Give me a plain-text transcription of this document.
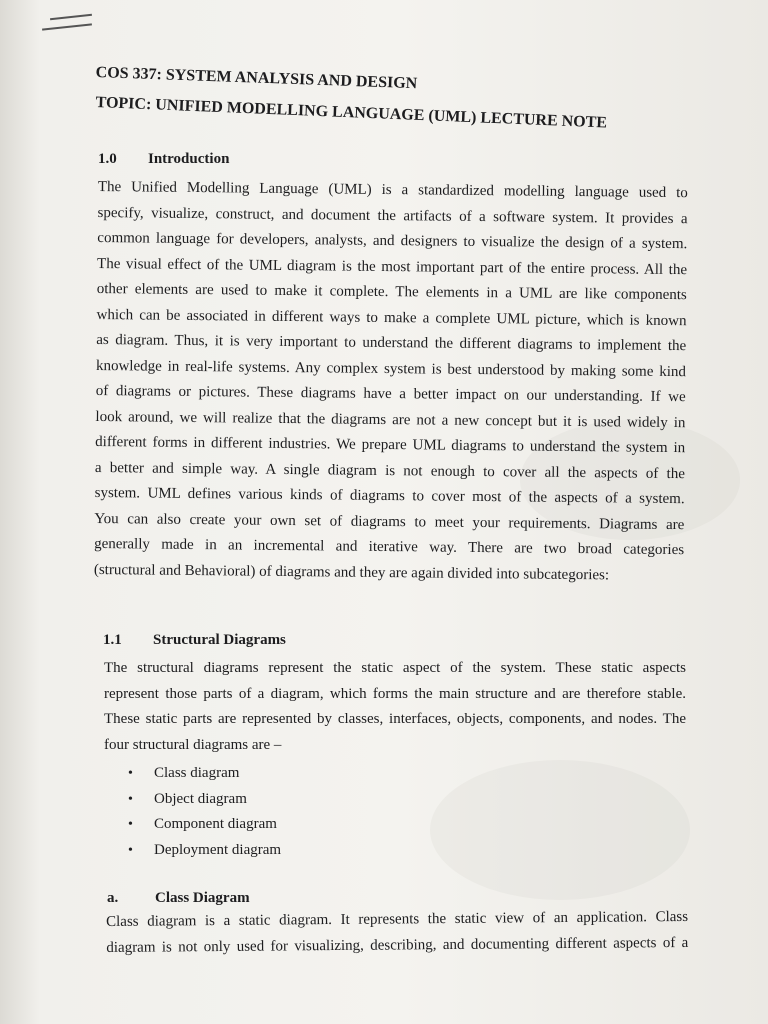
COS 337: SYSTEM ANALYSIS AND DESIGN
TOPIC: UNIFIED MODELLING LANGUAGE (UML) LECTURE NOTE
1.0 Introduction
The Unified Modelling Language (UML) is a standardized modelling language used to
specify, visualize, construct, and document the artifacts of a software system. It provides a
common language for developers, analysts, and designers to visualize the design of a system.
The visual effect of the UML diagram is the most important part of the entire process. All the
other elements are used to make it complete. The elements in a UML are like components
which can be associated in different ways to make a complete UML picture, which is known
as diagram. Thus, it is very important to understand the different diagrams to implement the
knowledge in real-life systems. Any complex system is best understood by making some kind
of diagrams or pictures. These diagrams have a better impact on our understanding. If we
look around, we will realize that the diagrams are not a new concept but it is used widely in
different forms in different industries. We prepare UML diagrams to understand the system in
a better and simple way. A single diagram is not enough to cover all the aspects of the
system. UML defines various kinds of diagrams to cover most of the aspects of a system.
You can also create your own set of diagrams to meet your requirements. Diagrams are
generally made in an incremental and iterative way. There are two broad categories
(structural and Behavioral) of diagrams and they are again divided into subcategories:
1.1 Structural Diagrams
The structural diagrams represent the static aspect of the system. These static aspects
represent those parts of a diagram, which forms the main structure and are therefore stable.
These static parts are represented by classes, interfaces, objects, components, and nodes. The
four structural diagrams are –
• Class diagram
• Object diagram
• Component diagram
• Deployment diagram
a. Class Diagram
Class diagram is a static diagram. It represents the static view of an application. Class
diagram is not only used for visualizing, describing, and documenting different aspects of a
